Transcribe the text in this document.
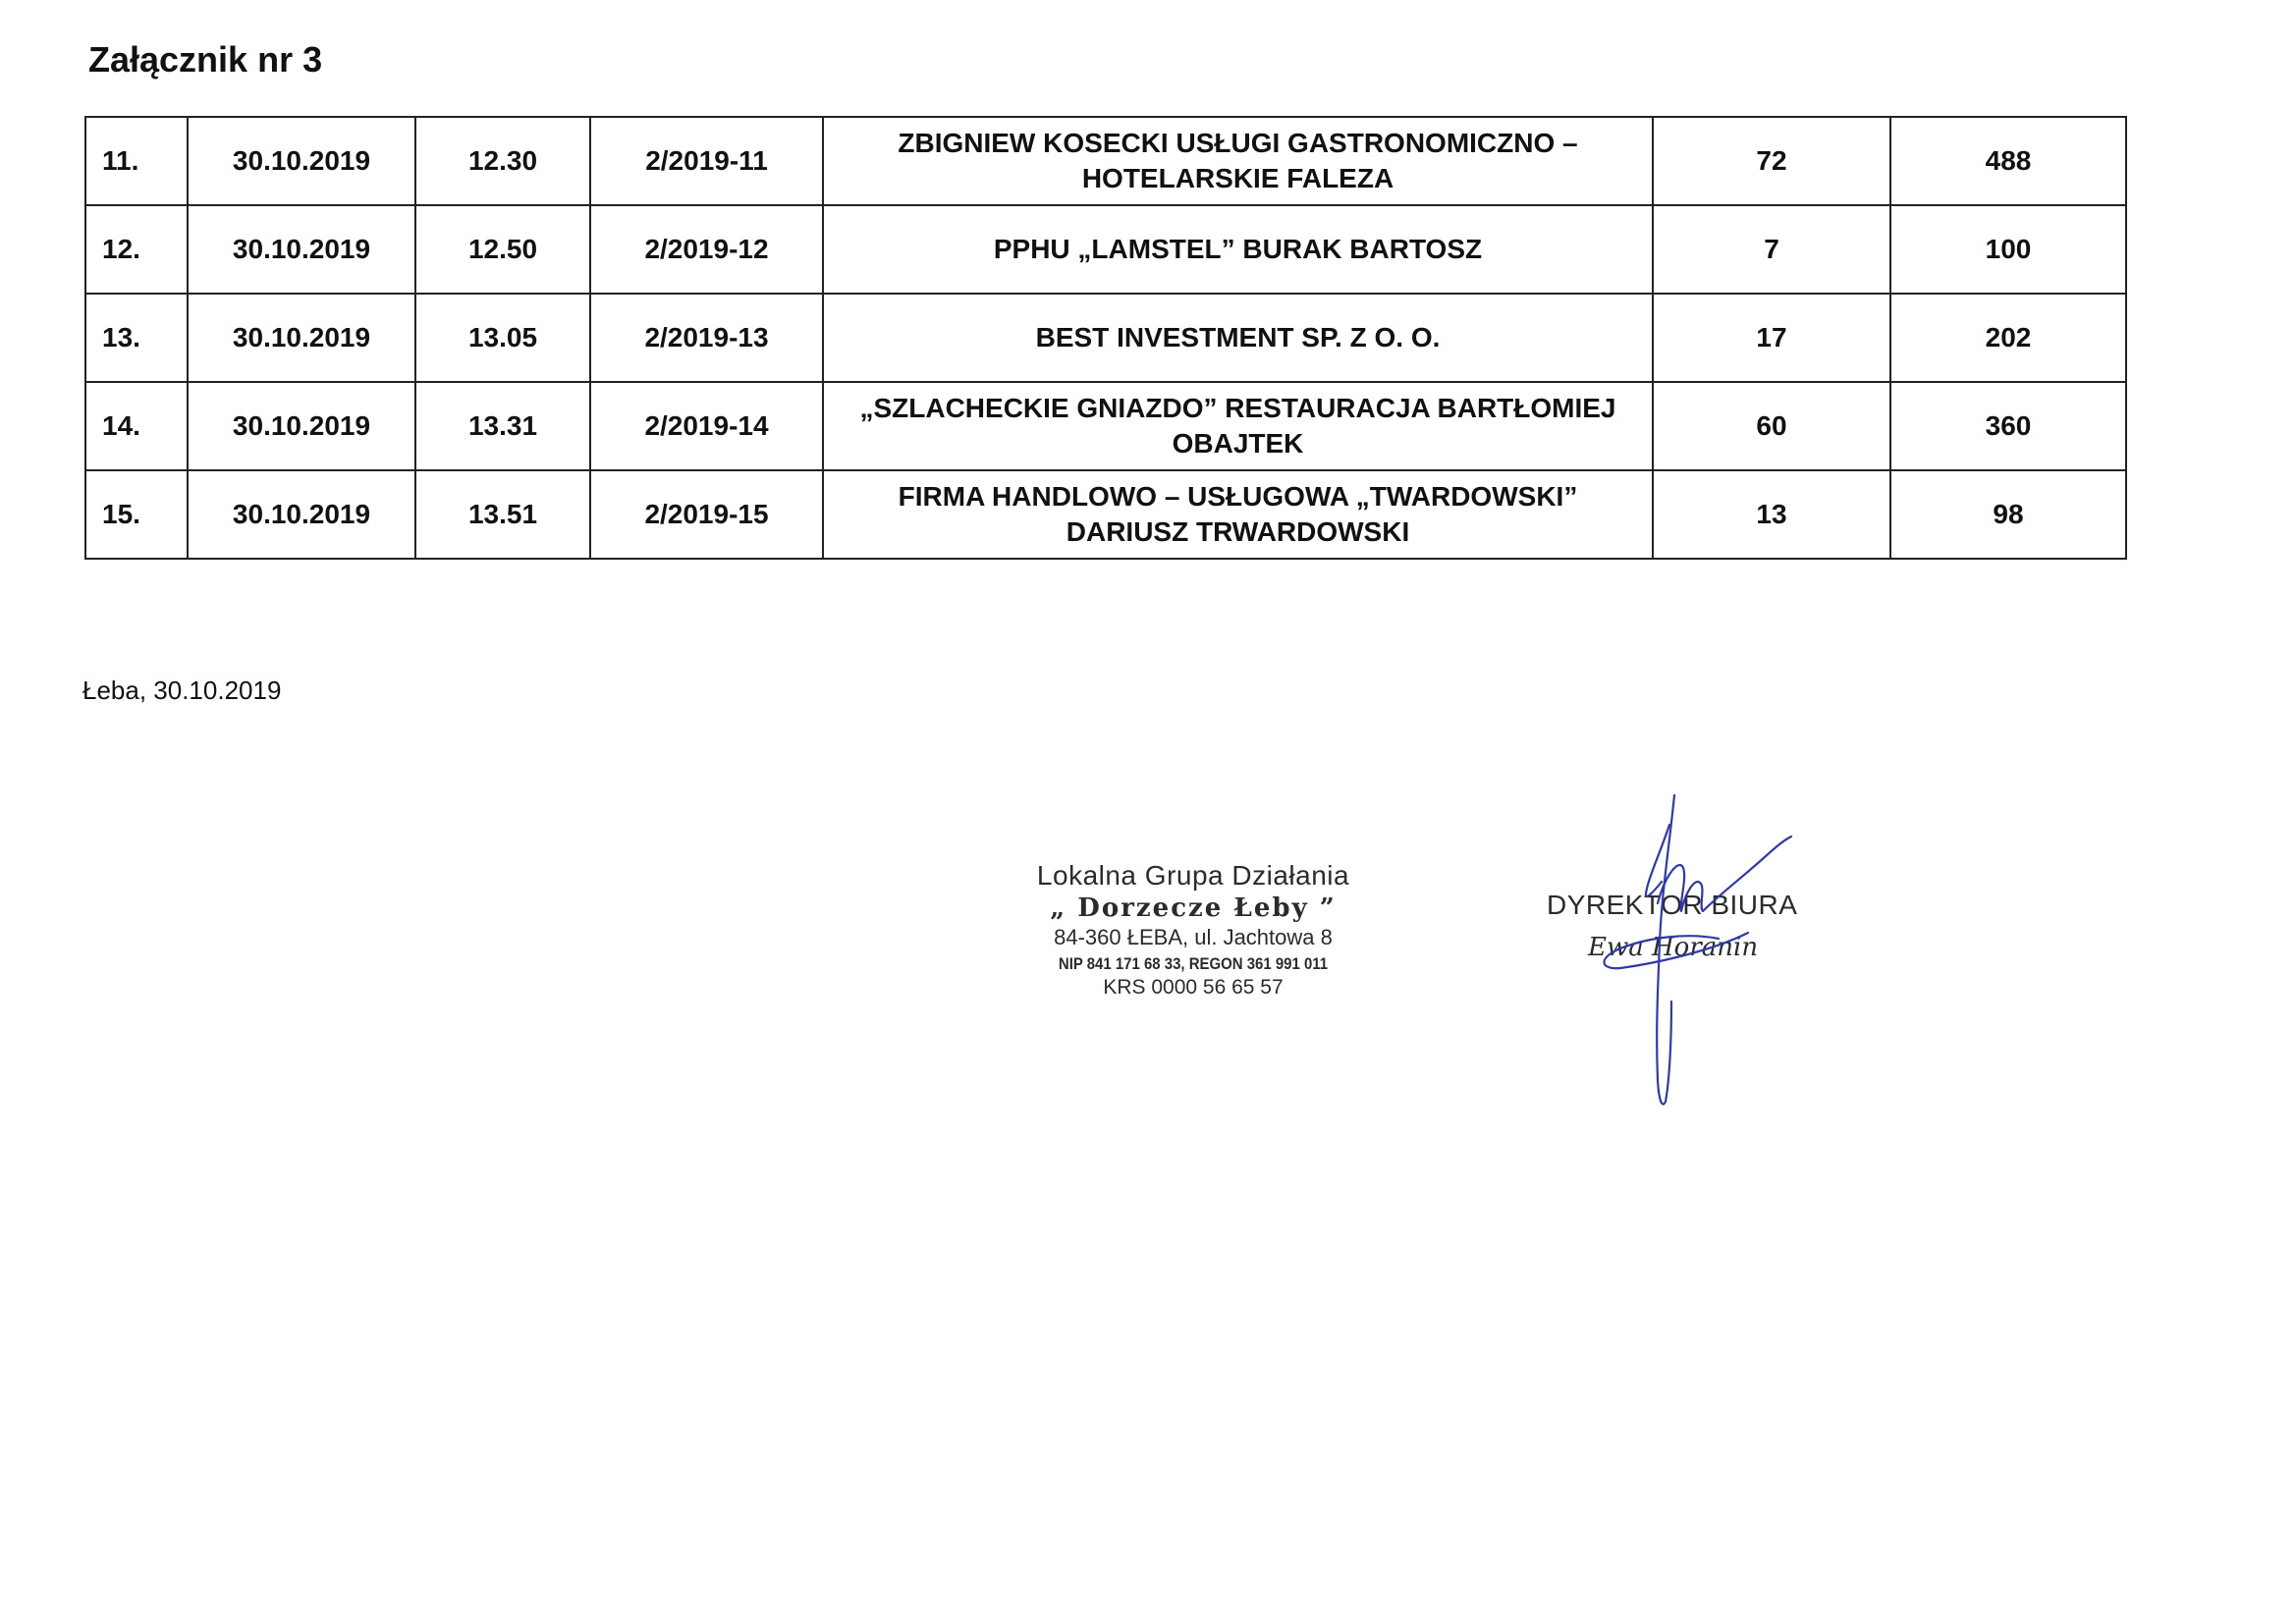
Załącznik nr 3
11.	30.10.2019	12.30	2/2019-11	ZBIGNIEW KOSECKI USŁUGI GASTRONOMICZNO – HOTELARSKIE FALEZA	72	488
12.	30.10.2019	12.50	2/2019-12	PPHU „LAMSTEL” BURAK BARTOSZ	7	100
13.	30.10.2019	13.05	2/2019-13	BEST INVESTMENT SP. Z O. O.	17	202
14.	30.10.2019	13.31	2/2019-14	„SZLACHECKIE GNIAZDO” RESTAURACJA BARTŁOMIEJ OBAJTEK	60	360
15.	30.10.2019	13.51	2/2019-15	FIRMA HANDLOWO – USŁUGOWA „TWARDOWSKI” DARIUSZ TRWARDOWSKI	13	98
Łeba, 30.10.2019
Lokalna Grupa Działania
„ Dorzecze Łeby ”
84-360 ŁEBA, ul. Jachtowa 8
NIP 841 171 68 33, REGON 361 991 011
KRS 0000 56 65 57
DYREKTOR BIURA
Ewa Horanin
